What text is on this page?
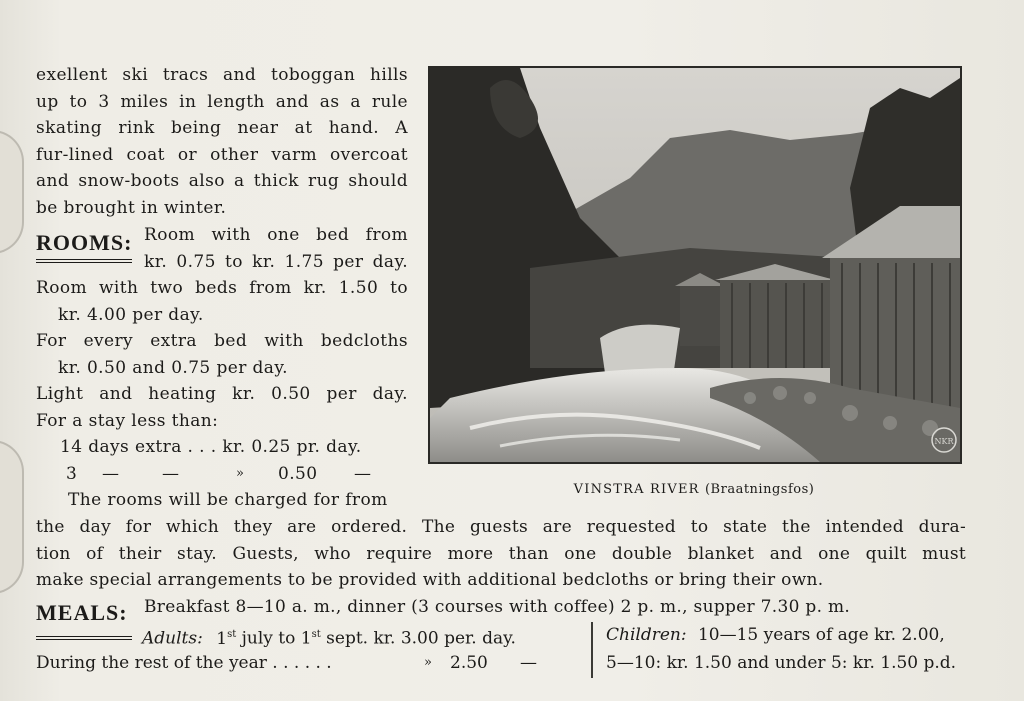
exellent ski tracs and toboggan hills
up to 3 miles in length and as a rule
skating rink being near at hand. A
fur-lined coat or other varm overcoat
and snow-boots also a thick rug should
be brought in winter.
ROOMS: Room with one bed from
kr. 0.75 to kr. 1.75 per day.
Room with two beds from kr. 1.50 to
kr. 4.00 per day.
For every extra bed with bedcloths
kr. 0.50 and 0.75 per day.
Light and heating kr. 0.50 per day.
For a stay less than:
14 days extra . . . kr. 0.25 pr. day.
3 —	—	» 0.50 —
The rooms will be charged for from
NKR
VINSTRA RIVER (Braatningsfos)
the day for which they are ordered. The guests are requested to state the intended dura-
tion of their stay. Guests, who require more than one double blanket and one quilt must
make special arrangements to be provided with additional bedcloths or bring their own.
MEALS: Breakfast 8—10 a. m., dinner (3 courses with coffee) 2 p. m., supper 7.30 p. m.
Adults: 1st july to 1st sept. kr. 3.00 per. day.
During the rest of the year . . . . . .	» 2.50 —
Children: 10—15 years of age kr. 2.00,
5—10: kr. 1.50 and under 5: kr. 1.50 p.d.
